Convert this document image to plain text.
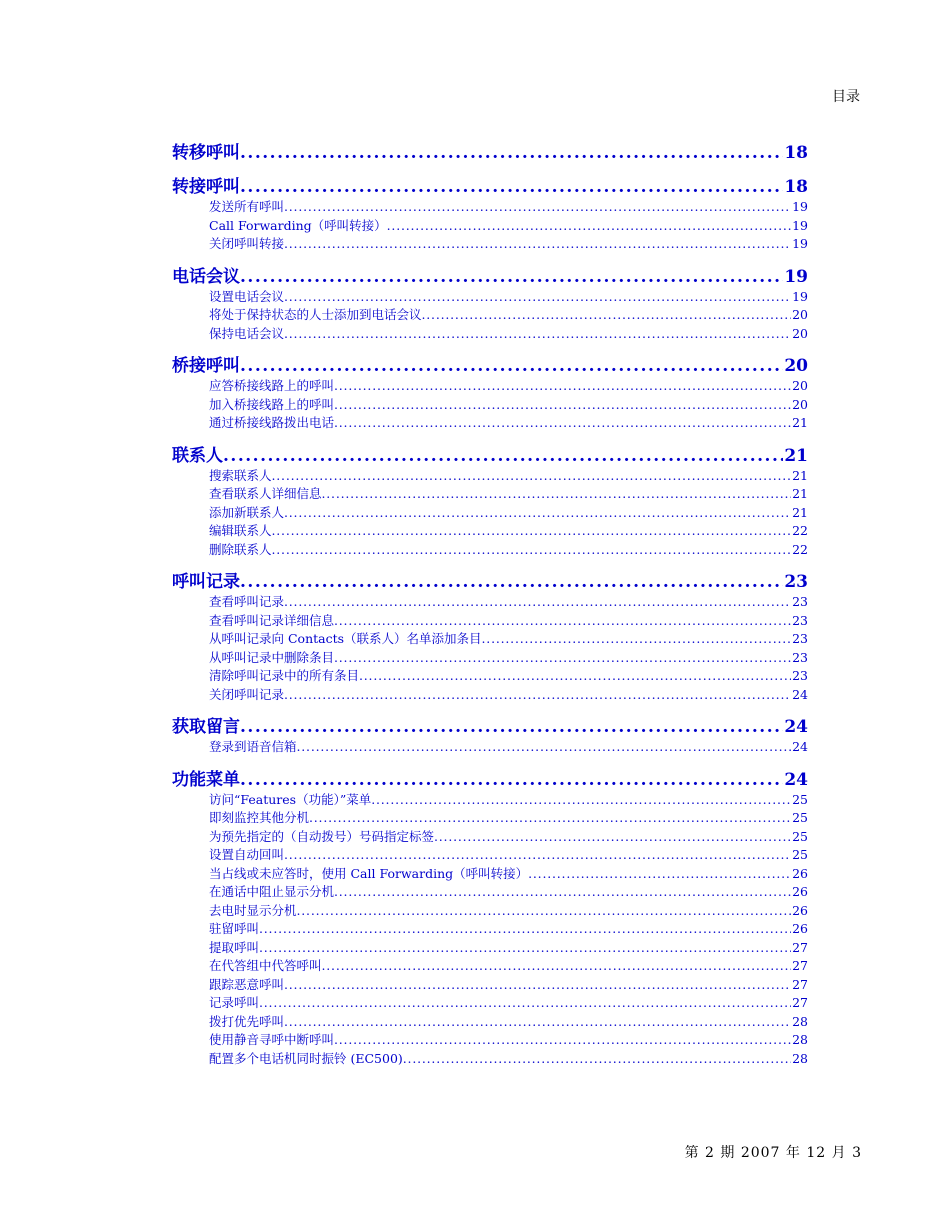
目录
转移呼叫 .....	18
转接呼叫 .....	18
发送所有呼叫 .....	19
Call Forwarding（呼叫转接） .....	19
关闭呼叫转接 .....	19
电话会议 .....	19
设置电话会议 .....	19
将处于保持状态的人士添加到电话会议 .....	20
保持电话会议 .....	20
桥接呼叫 .....	20
应答桥接线路上的呼叫 .....	20
加入桥接线路上的呼叫 .....	20
通过桥接线路拨出电话 .....	21
联系人 .....	21
搜索联系人 .....	21
查看联系人详细信息 .....	21
添加新联系人 .....	21
编辑联系人 .....	22
删除联系人 .....	22
呼叫记录 .....	23
查看呼叫记录 .....	23
查看呼叫记录详细信息 .....	23
从呼叫记录向 Contacts（联系人）名单添加条目 .....	23
从呼叫记录中删除条目 .....	23
清除呼叫记录中的所有条目 .....	23
关闭呼叫记录 .....	24
获取留言 .....	24
登录到语音信箱 .....	24
功能菜单 .....	24
访问“Features（功能）”菜单 .....	25
即刻监控其他分机 .....	25
为预先指定的（自动拨号）号码指定标签 .....	25
设置自动回叫 .....	25
当占线或未应答时，使用 Call Forwarding（呼叫转接） .....	26
在通话中阻止显示分机 .....	26
去电时显示分机 .....	26
驻留呼叫 .....	26
提取呼叫 .....	27
在代答组中代答呼叫 .....	27
跟踪恶意呼叫 .....	27
记录呼叫 .....	27
拨打优先呼叫 .....	28
使用静音寻呼中断呼叫 .....	28
配置多个电话机同时振铃 (EC500) .....	28
第 2 期 2007 年 12 月 3
